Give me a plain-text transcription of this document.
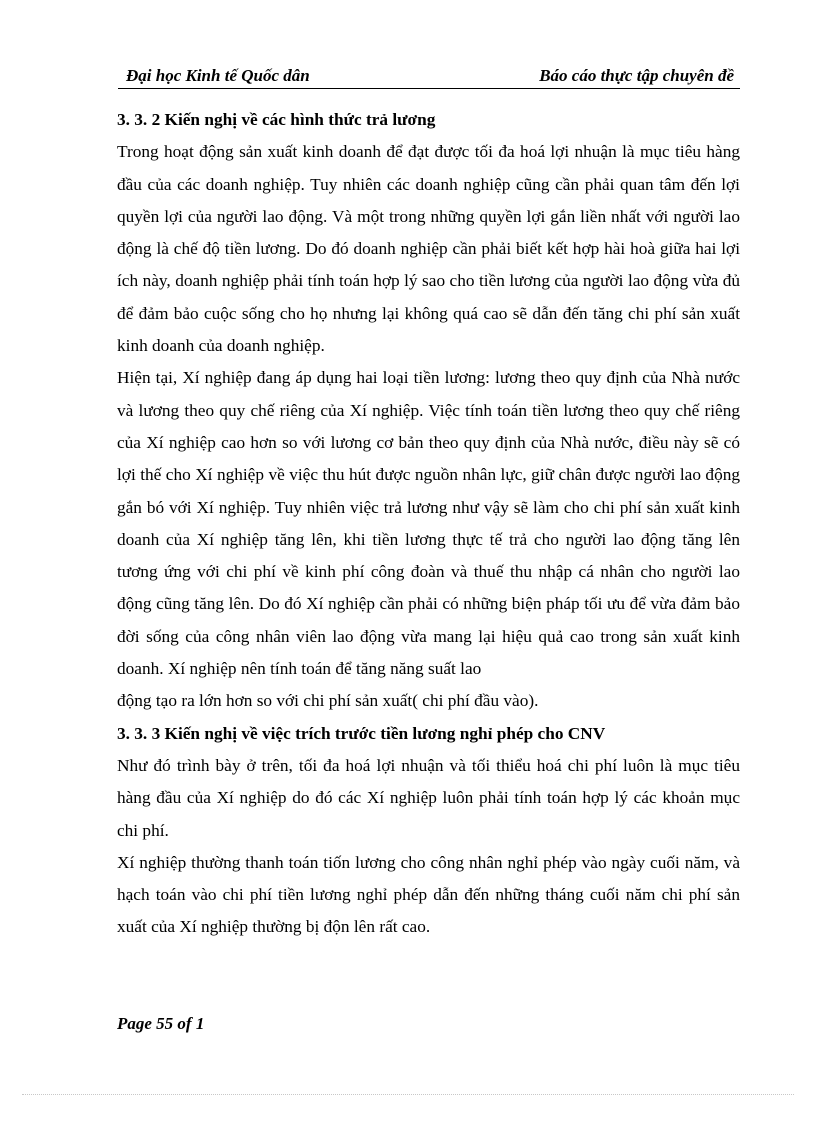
Đại học Kinh tế Quốc dân	Báo cáo thực tập chuyên đề
3. 3. 2 Kiến nghị về các hình thức trả lương

Trong hoạt động sản xuất kinh doanh để đạt được tối đa hoá lợi nhuận là mục tiêu hàng đầu của các doanh nghiệp. Tuy nhiên các doanh nghiệp cũng cần phải quan tâm đến lợi quyền lợi của người lao động. Và một trong những quyền lợi gắn liền nhất với người lao động là chế độ tiền lương. Do đó doanh nghiệp cần phải biết kết hợp hài hoà giữa hai lợi ích này, doanh nghiệp phải tính toán hợp lý sao cho tiền lương của người lao động vừa đủ để đảm bảo cuộc sống cho họ nhưng lại không quá cao sẽ dẫn đến tăng chi phí sản xuất kinh doanh của doanh nghiệp.

Hiện tại, Xí nghiệp đang áp dụng hai loại tiền lương: lương theo quy định của Nhà nước và lương theo quy chế riêng của Xí nghiệp. Việc tính toán tiền lương theo quy chế riêng của Xí nghiệp cao hơn so với lương cơ bản theo quy định của Nhà nước, điều này sẽ có lợi thế cho Xí nghiệp về việc thu hút được nguồn nhân lực, giữ chân được người lao động gắn bó với Xí nghiệp. Tuy nhiên việc trả lương như vậy sẽ làm cho chi phí sản xuất kinh doanh của Xí nghiệp tăng lên, khi tiền lương thực tế trả cho người lao động tăng lên tương ứng với chi phí về kinh phí công đoàn và thuế thu nhập cá nhân cho người lao động cũng tăng lên. Do đó Xí nghiệp cần phải có những biện pháp tối ưu để vừa đảm bảo đời sống của công nhân viên lao động vừa mang lại hiệu quả cao trong sản xuất kinh doanh. Xí nghiệp nên tính toán để tăng năng suất lao

động tạo ra lớn hơn so với chi phí sản xuất( chi phí đầu vào).

3. 3. 3 Kiến nghị về việc trích trước tiền lương nghỉ phép cho CNV

Như đó trình bày ở trên, tối đa hoá lợi nhuận và tối thiểu hoá chi phí luôn là mục tiêu hàng đầu của Xí nghiệp do đó các Xí nghiệp luôn phải tính toán hợp lý các khoản mục chi phí.

Xí nghiệp thường thanh toán tiốn lương cho công nhân nghỉ phép vào ngày cuối năm, và hạch toán vào chi phí tiền lương nghỉ phép dẫn đến những tháng cuối năm chi phí sản xuất của Xí nghiệp thường bị độn lên rất cao.

Page 55 of 1
